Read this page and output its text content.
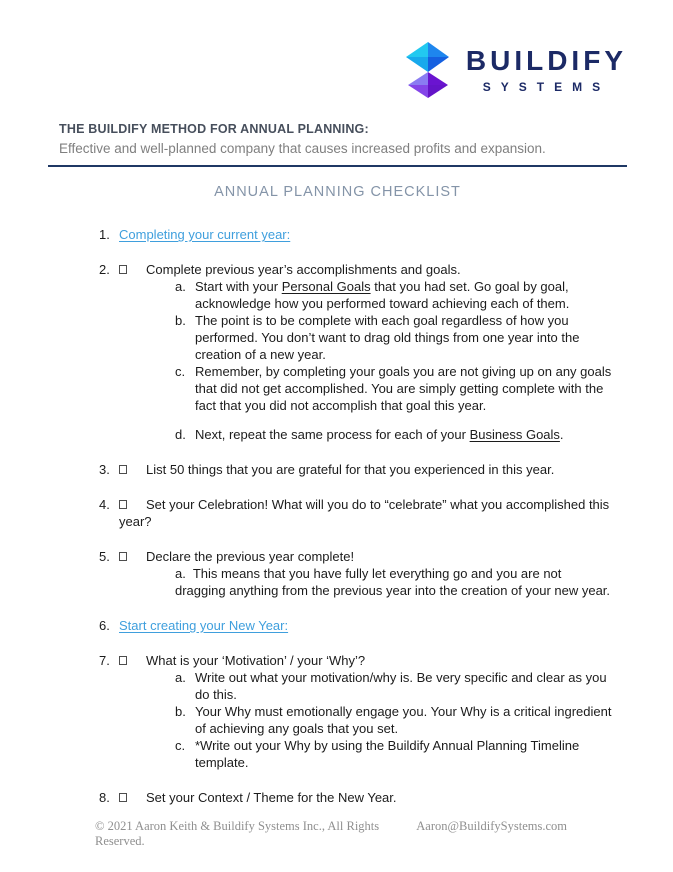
BUILDIFY
SYSTEMS
THE BUILDIFY METHOD FOR ANNUAL PLANNING:
Effective and well-planned company that causes increased profits and expansion.
ANNUAL PLANNING CHECKLIST
1. Completing your current year:
2.	Complete previous year’s accomplishments and goals.
a. Start with your Personal Goals that you had set. Go goal by goal, acknowledge how you performed toward achieving each of them.
b. The point is to be complete with each goal regardless of how you performed. You don’t want to drag old things from one year into the creation of a new year.
c. Remember, by completing your goals you are not giving up on any goals that did not get accomplished. You are simply getting complete with the fact that you did not accomplish that goal this year.
d. Next, repeat the same process for each of your Business Goals.
3.	List 50 things that you are grateful for that you experienced in this year.
4.	Set your Celebration! What will you do to “celebrate” what you accomplished this year?
5.	Declare the previous year complete!
a. This means that you have fully let everything go and you are not dragging anything from the previous year into the creation of your new year.
6. Start creating your New Year:
7.	What is your ‘Motivation’ / your ‘Why’?
a. Write out what your motivation/why is. Be very specific and clear as you do this.
b. Your Why must emotionally engage you. Your Why is a critical ingredient of achieving any goals that you set.
c. *Write out your Why by using the Buildify Annual Planning Timeline template.
8.	Set your Context / Theme for the New Year.
© 2021 Aaron Keith & Buildify Systems Inc., All Rights Reserved.
Aaron@BuildifySystems.com
